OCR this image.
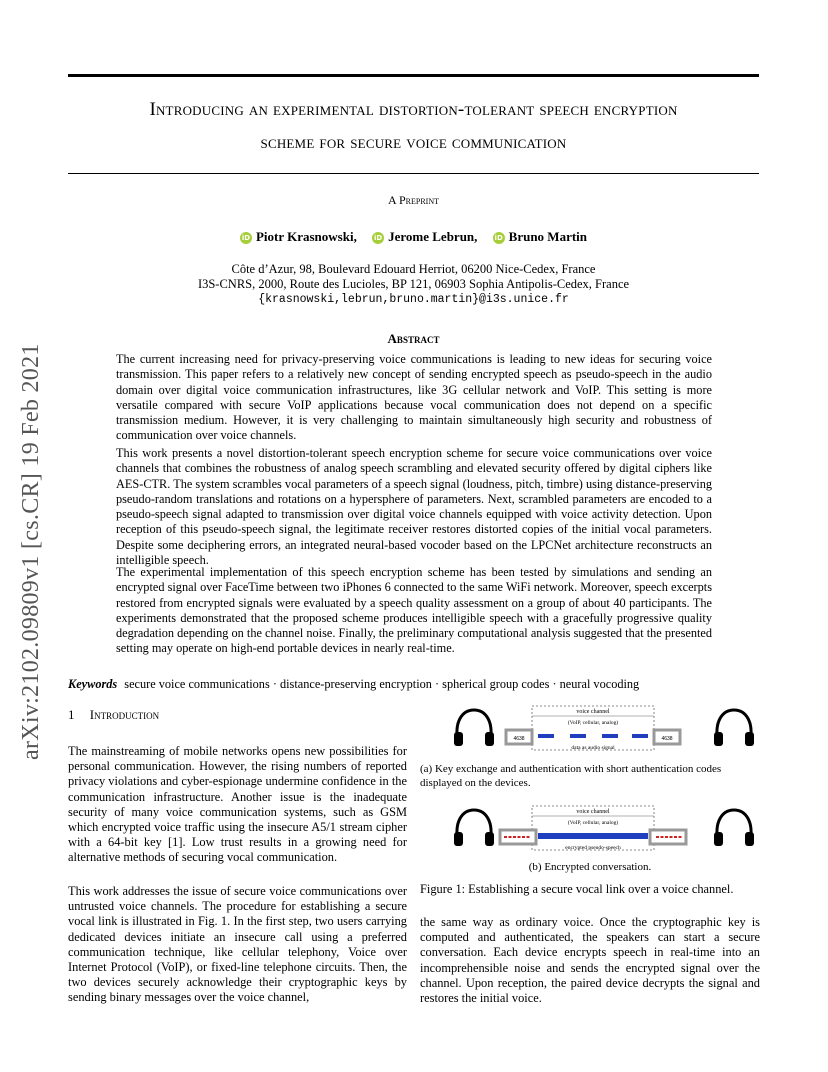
arXiv:2102.09809v1 [cs.CR] 19 Feb 2021
Introducing an experimental distortion-tolerant speech encryption
scheme for secure voice communication
A Preprint
iD Piotr Krasnowski, iD Jerome Lebrun, iD Bruno Martin
Côte d’Azur, 98, Boulevard Edouard Herriot, 06200 Nice-Cedex, France
I3S-CNRS, 2000, Route des Lucioles, BP 121, 06903 Sophia Antipolis-Cedex, France
{krasnowski,lebrun,bruno.martin}@i3s.unice.fr
Abstract

The current increasing need for privacy-preserving voice communications is leading to new ideas for securing voice transmission. This paper refers to a relatively new concept of sending encrypted speech as pseudo-speech in the audio domain over digital voice communication infrastructures, like 3G cellular network and VoIP. This setting is more versatile compared with secure VoIP applications because vocal communication does not depend on a specific transmission medium. However, it is very challenging to maintain simultaneously high security and robustness of communication over voice channels.

This work presents a novel distortion-tolerant speech encryption scheme for secure voice communications over voice channels that combines the robustness of analog speech scrambling and elevated security offered by digital ciphers like AES-CTR. The system scrambles vocal parameters of a speech signal (loudness, pitch, timbre) using distance-preserving pseudo-random translations and rotations on a hypersphere of parameters. Next, scrambled parameters are encoded to a pseudo-speech signal adapted to transmission over digital voice channels equipped with voice activity detection. Upon reception of this pseudo-speech signal, the legitimate receiver restores distorted copies of the initial vocal parameters. Despite some deciphering errors, an integrated neural-based vocoder based on the LPCNet architecture reconstructs an intelligible speech.

The experimental implementation of this speech encryption scheme has been tested by simulations and sending an encrypted signal over FaceTime between two iPhones 6 connected to the same WiFi network. Moreover, speech excerpts restored from encrypted signals were evaluated by a speech quality assessment on a group of about 40 participants. The experiments demonstrated that the proposed scheme produces intelligible speech with a gracefully progressive quality degradation depending on the channel noise. Finally, the preliminary computational analysis suggested that the presented setting may operate on high-end portable devices in nearly real-time.

Keywords secure voice communications · distance-preserving encryption · spherical group codes · neural vocoding
1 Introduction

The mainstreaming of mobile networks opens new possibilities for personal communication. However, the rising numbers of reported privacy violations and cyber-espionage undermine confidence in the communication infrastructure. Another issue is the inadequate security of many voice communication systems, such as GSM which encrypted voice traffic using the insecure A5/1 stream cipher with a 64-bit key [1]. Low trust results in a growing need for alternative methods of securing vocal communication.

This work addresses the issue of secure voice communications over untrusted voice channels. The procedure for establishing a secure vocal link is illustrated in Fig. 1. In the first step, two users carrying dedicated devices initiate an insecure call using a preferred communication technique, like cellular telephony, Voice over Internet Protocol (VoIP), or fixed-line telephone circuits. Then, the two devices securely acknowledge their cryptographic keys by sending binary messages over the voice channel,

voice channel
(VoIP, cellular, analog)
4638	4638
data as audio signal
(a) Key exchange and authentication with short authentication codes displayed on the devices.
voice channel
(VoIP, cellular, analog)
encrypted pseudo-speech
(b) Encrypted conversation.
Figure 1: Establishing a secure vocal link over a voice channel.

the same way as ordinary voice. Once the cryptographic key is computed and authenticated, the speakers can start a secure conversation. Each device encrypts speech in real-time into an incomprehensible noise and sends the encrypted signal over the channel. Upon reception, the paired device decrypts the signal and restores the initial voice.
